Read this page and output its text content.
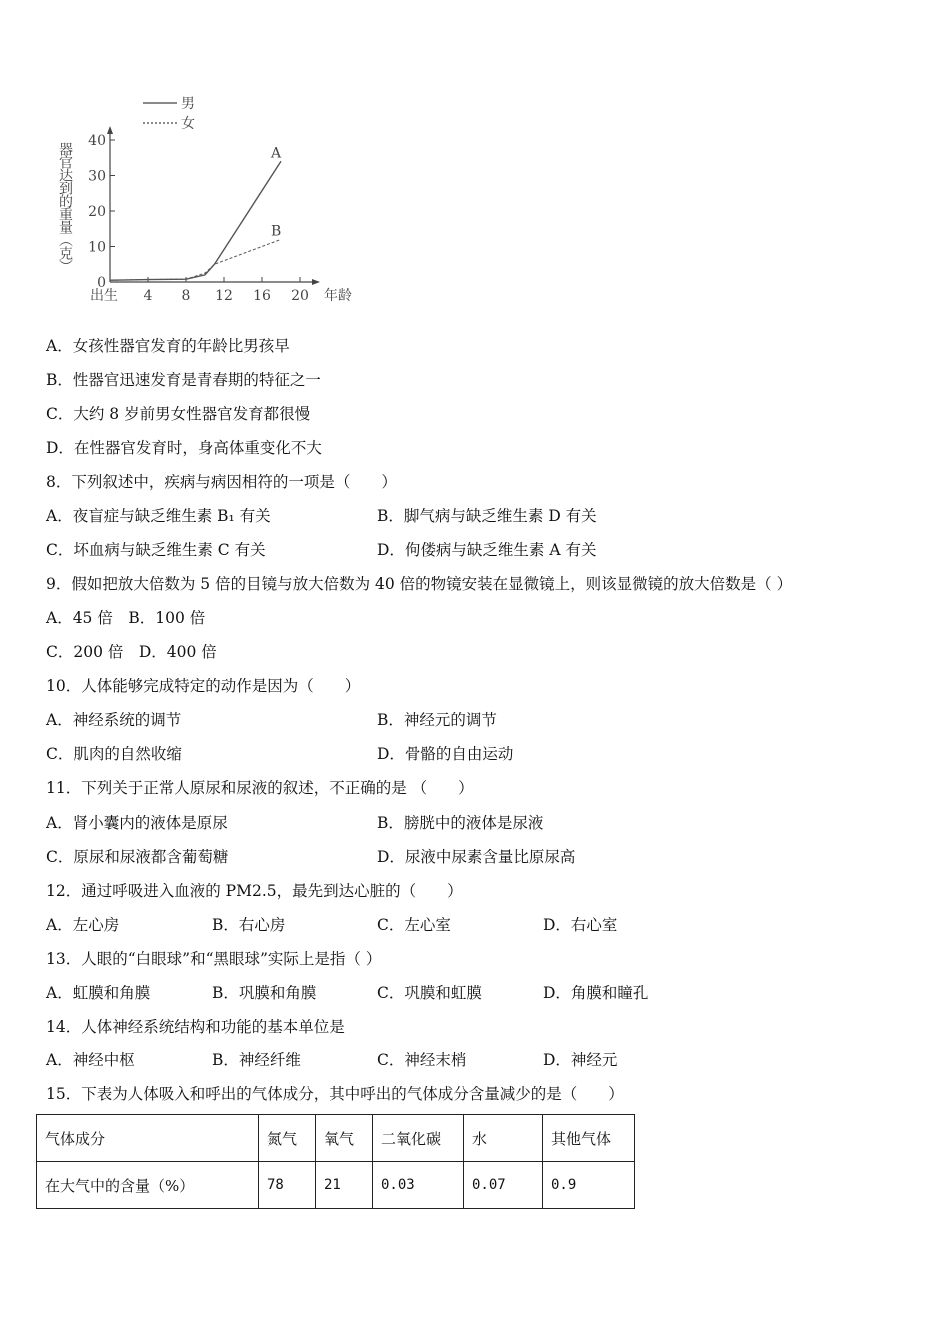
男
女
器官达到的重量（克）
0
10
20
30
40
出生 4 8 12 16 20
A
B
年龄
A．女孩性器官发育的年龄比男孩早
B．性器官迅速发育是青春期的特征之一
C．大约 8 岁前男女性器官发育都很慢
D．在性器官发育时，身高体重变化不大
8．下列叙述中，疾病与病因相符的一项是（　　）
A．夜盲症与缺乏维生素 B₁ 有关	B．脚气病与缺乏维生素 D 有关
C．坏血病与缺乏维生素 C 有关	D．佝偻病与缺乏维生素 A 有关
9．假如把放大倍数为 5 倍的目镜与放大倍数为 40 倍的物镜安装在显微镜上，则该显微镜的放大倍数是（ ）
A．45 倍　B．100 倍
C．200 倍　D．400 倍
10．人体能够完成特定的动作是因为（　　）
A．神经系统的调节	B．神经元的调节
C．肌肉的自然收缩	D．骨骼的自由运动
11．下列关于正常人原尿和尿液的叙述，不正确的是 （　　）
A．肾小囊内的液体是原尿	B．膀胱中的液体是尿液
C．原尿和尿液都含葡萄糖	D．尿液中尿素含量比原尿高
12．通过呼吸进入血液的 PM2.5，最先到达心脏的（　　）
A．左心房	B．右心房	C．左心室	D．右心室
13．人眼的“白眼球”和“黑眼球”实际上是指（ ）
A．虹膜和角膜	B．巩膜和角膜	C．巩膜和虹膜	D．角膜和瞳孔
14．人体神经系统结构和功能的基本单位是
A．神经中枢	B．神经纤维	C．神经末梢	D．神经元
15．下表为人体吸入和呼出的气体成分，其中呼出的气体成分含量减少的是（　　）
气体成分	氮气	氧气	二氧化碳	水	其他气体
在大气中的含量（%）	78	21	0.03	0.07	0.9
